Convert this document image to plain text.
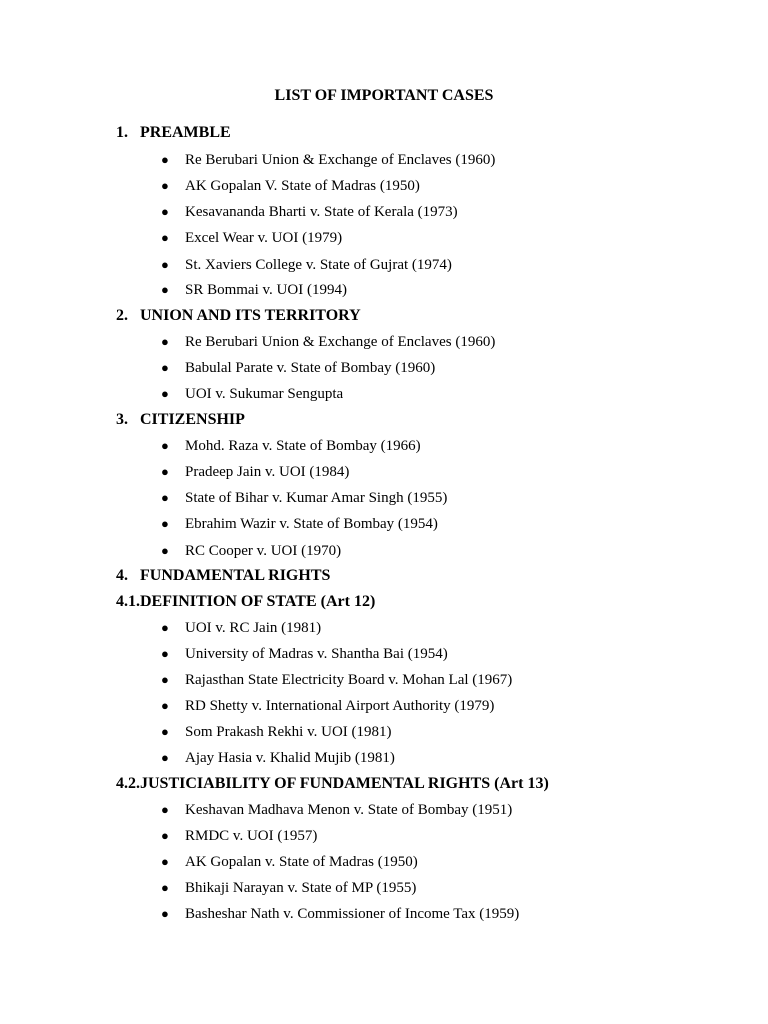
LIST OF IMPORTANT CASES
1. PREAMBLE
● Re Berubari Union & Exchange of Enclaves (1960)
● AK Gopalan V. State of Madras (1950)
● Kesavananda Bharti v. State of Kerala (1973)
● Excel Wear v. UOI (1979)
● St. Xaviers College v. State of Gujrat (1974)
● SR Bommai v. UOI (1994)
2. UNION AND ITS TERRITORY
● Re Berubari Union & Exchange of Enclaves (1960)
● Babulal Parate v. State of Bombay (1960)
● UOI v. Sukumar Sengupta
3. CITIZENSHIP
● Mohd. Raza v. State of Bombay (1966)
● Pradeep Jain v. UOI (1984)
● State of Bihar v. Kumar Amar Singh (1955)
● Ebrahim Wazir v. State of Bombay (1954)
● RC Cooper v. UOI (1970)
4. FUNDAMENTAL RIGHTS
4.1.DEFINITION OF STATE (Art 12)
● UOI v. RC Jain (1981)
● University of Madras v. Shantha Bai (1954)
● Rajasthan State Electricity Board v. Mohan Lal (1967)
● RD Shetty v. International Airport Authority (1979)
● Som Prakash Rekhi v. UOI (1981)
● Ajay Hasia v. Khalid Mujib (1981)
4.2.JUSTICIABILITY OF FUNDAMENTAL RIGHTS (Art 13)
● Keshavan Madhava Menon v. State of Bombay (1951)
● RMDC v. UOI (1957)
● AK Gopalan v. State of Madras (1950)
● Bhikaji Narayan v. State of MP (1955)
● Basheshar Nath v. Commissioner of Income Tax (1959)
